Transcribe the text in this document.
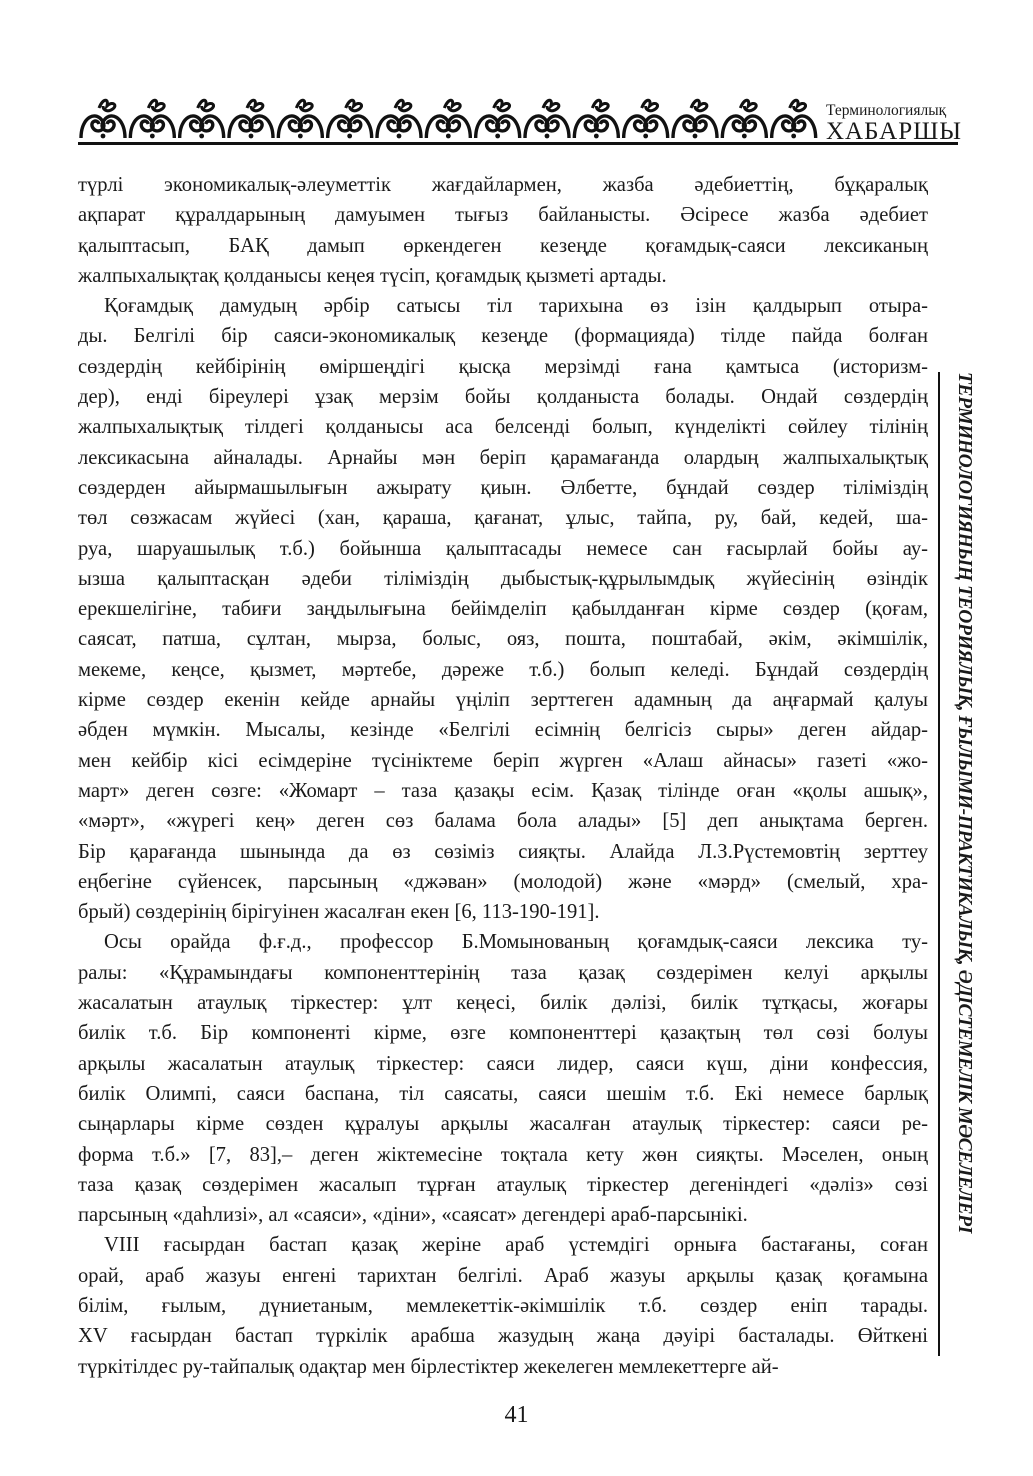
Терминологиялық
ХАБАРШЫ
ТЕРМИНОЛОГИЯНЫҢ ТЕОРИЯЛЫҚ, ҒЫЛЫМИ-ПРАКТИКАЛЫҚ, ӘДІСТЕМЕЛІК МӘСЕЛЕЛЕРІ
түрлі экономикалық-әлеуметтік жағдайлармен, жазба әдебиеттің, бұқаралық
ақпарат құралдарының дамуымен тығыз байланысты. Әсіресе жазба әдебиет
қалыптасып, БАҚ дамып өркендеген кезеңде қоғамдық-саяси лексиканың
жалпыхалықтақ қолданысы кеңея түсіп, қоғамдық қызметі артады.
Қоғамдық дамудың әрбір сатысы тіл тарихына өз ізін қалдырып отыра-
ды. Белгілі бір саяси-экономикалық кезеңде (формацияда) тілде пайда болған
сөздердің кейбірінің өміршеңдігі қысқа мерзімді ғана қамтыса (историзм-
дер), енді біреулері ұзақ мерзім бойы қолданыста болады. Ондай сөздердің
жалпыхалықтық тілдегі қолданысы аса белсенді болып, күнделікті сөйлеу тілінің
лексикасына айналады. Арнайы мән беріп қарамағанда олардың жалпыхалықтық
сөздерден айырмашылығын ажырату қиын. Әлбетте, бұндай сөздер тіліміздің
төл сөзжасам жүйесі (хан, қараша, қағанат, ұлыс, тайпа, ру, бай, кедей, ша-
руа, шаруашылық т.б.) бойынша қалыптасады немесе сан ғасырлай бойы ау-
ызша қалыптасқан әдеби тіліміздің дыбыстық-құрылымдық жүйесінің өзіндік
ерекшелігіне, табиғи заңдылығына бейімделіп қабылданған кірме сөздер (қоғам,
саясат, патша, сұлтан, мырза, болыс, ояз, пошта, поштабай, әкім, әкімшілік,
мекеме, кеңсе, қызмет, мәртебе, дәреже т.б.) болып келеді. Бұндай сөздердің
кірме сөздер екенін кейде арнайы үңіліп зерттеген адамның да аңғармай қалуы
әбден мүмкін. Мысалы, кезінде «Белгілі есімнің белгісіз сыры» деген айдар-
мен кейбір кісі есімдеріне түсініктеме беріп жүрген «Алаш айнасы» газеті «жо-
март» деген сөзге: «Жомарт – таза қазақы есім. Қазақ тілінде оған «қолы ашық»,
«мәрт», «жүрегі кең» деген сөз балама бола алады» [5] деп анықтама берген.
Бір қарағанда шынында да өз сөзіміз сияқты. Алайда Л.З.Рүстемовтің зерттеу
еңбегіне сүйенсек, парсының «джәван» (молодой) және «мәрд» (смелый, хра-
брый) сөздерінің бірігуінен жасалған екен [6, 113-190-191].
Осы орайда ф.ғ.д., профессор Б.Момынованың қоғамдық-саяси лексика ту-
ралы: «Құрамындағы компоненттерінің таза қазақ сөздерімен келуі арқылы
жасалатын атаулық тіркестер: ұлт кеңесі, билік дәлізі, билік тұтқасы, жоғары
билік т.б. Бір компоненті кірме, өзге компоненттері қазақтың төл сөзі болуы
арқылы жасалатын атаулық тіркестер: саяси лидер, саяси күш, діни конфессия,
билік Олимпі, саяси баспана, тіл саясаты, саяси шешім т.б. Екі немесе барлық
сыңарлары кірме сөзден құралуы арқылы жасалған атаулық тіркестер: саяси ре-
форма т.б.» [7, 83],– деген жіктемесіне тоқтала кету жөн сияқты. Мәселен, оның
таза қазақ сөздерімен жасалып тұрған атаулық тіркестер дегеніндегі «дәліз» сөзі
парсының «даһлизі», ал «саяси», «діни», «саясат» дегендері араб-парсынікі.
VIII ғасырдан бастап қазақ жеріне араб үстемдігі орныға бастағаны, соған
орай, араб жазуы енгені тарихтан белгілі. Араб жазуы арқылы қазақ қоғамына
білім, ғылым, дүниетаным, мемлекеттік-әкімшілік т.б. сөздер еніп тарады.
XV ғасырдан бастап түркілік арабша жазудың жаңа дәуірі басталады. Өйткені
түркітілдес ру-тайпалық одақтар мен бірлестіктер жекелеген мемлекеттерге ай-
41
